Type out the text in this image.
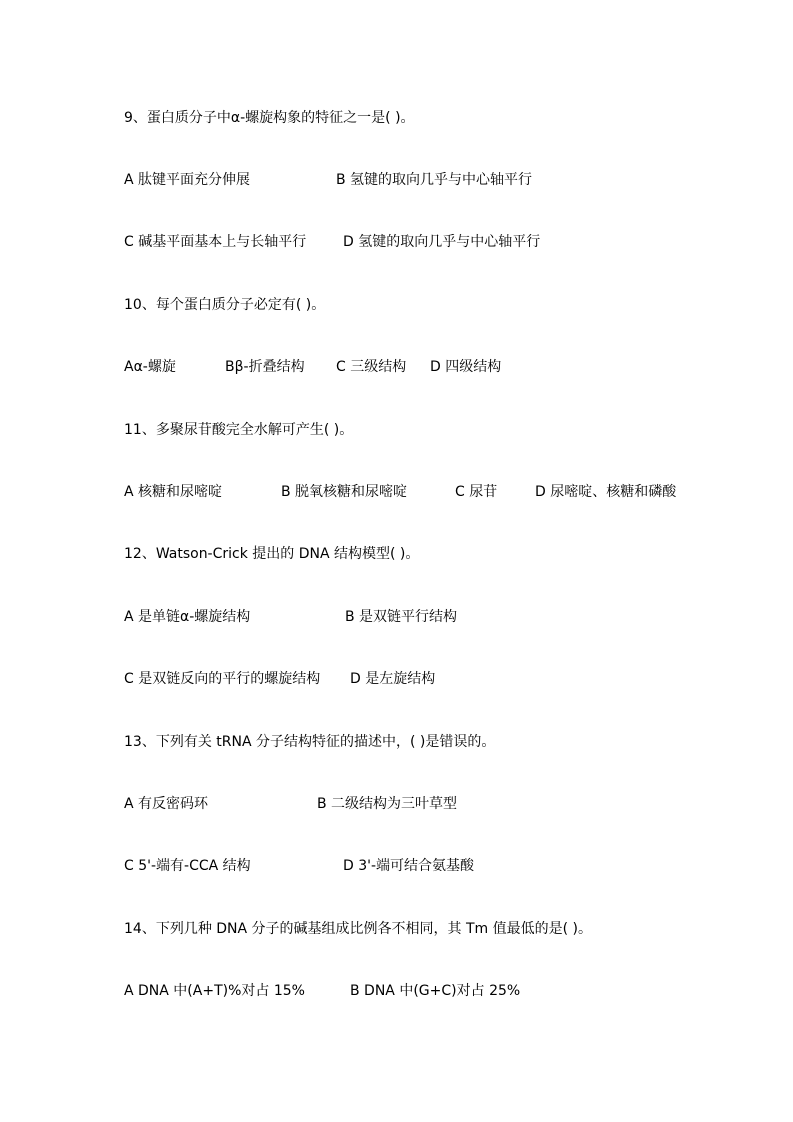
9、蛋白质分子中α-螺旋构象的特征之一是( )。
A 肽键平面充分伸展	B 氢键的取向几乎与中心轴平行
C 碱基平面基本上与长轴平行	D 氢键的取向几乎与中心轴平行
10、每个蛋白质分子必定有( )。
Aα-螺旋	Bβ-折叠结构 C 三级结构 D 四级结构
11、多聚尿苷酸完全水解可产生( )。
A 核糖和尿嘧啶	B 脱氧核糖和尿嘧啶	C 尿苷	D 尿嘧啶、核糖和磷酸
12、Watson-Crick 提出的 DNA 结构模型( )。
A 是单链α-螺旋结构	B 是双链平行结构
C 是双链反向的平行的螺旋结构 D 是左旋结构
13、下列有关 tRNA 分子结构特征的描述中，( )是错误的。
A 有反密码环	B 二级结构为三叶草型
C 5'-端有-CCA 结构	D 3'-端可结合氨基酸
14、下列几种 DNA 分子的碱基组成比例各不相同，其 Tm 值最低的是( )。
A DNA 中(A+T)%对占 15%	B DNA 中(G+C)对占 25%
